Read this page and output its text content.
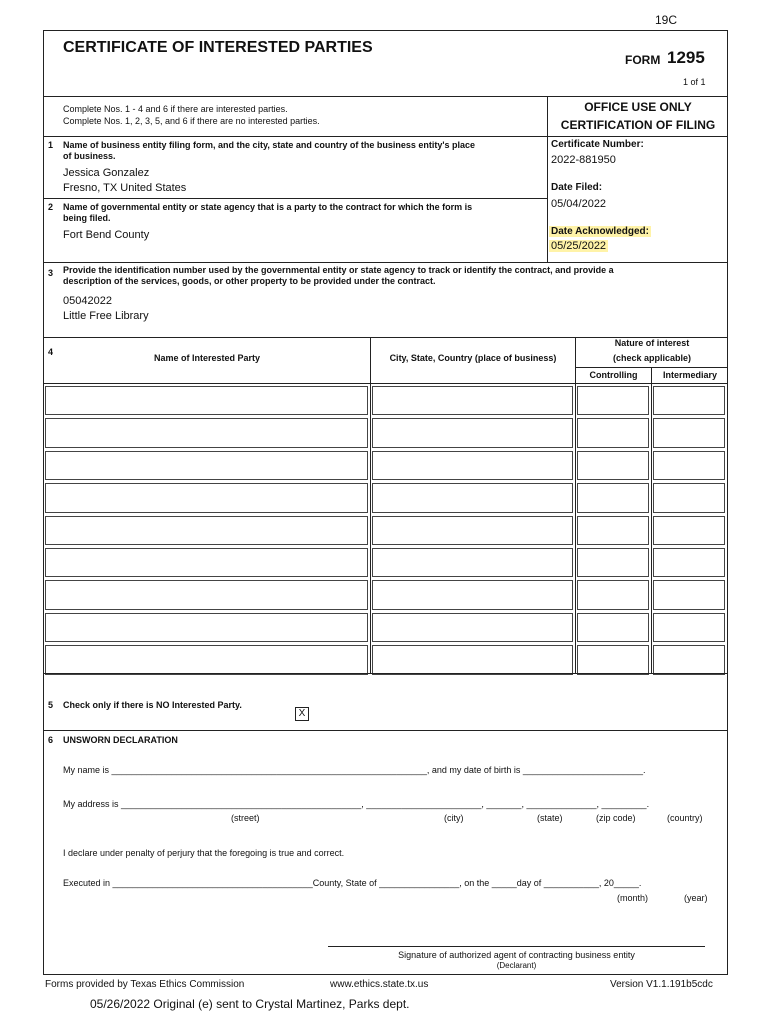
19C
CERTIFICATE OF INTERESTED PARTIES
FORM 1295
1 of 1
Complete Nos. 1 - 4 and 6 if there are interested parties.
Complete Nos. 1, 2, 3, 5, and 6 if there are no interested parties.
OFFICE USE ONLY
CERTIFICATION OF FILING
Certificate Number:
2022-881950
Date Filed:
05/04/2022
Date Acknowledged:
05/25/2022
1 Name of business entity filing form, and the city, state and country of the business entity's place
of business.
Jessica Gonzalez
Fresno, TX United States
2 Name of governmental entity or state agency that is a party to the contract for which the form is
being filed.
Fort Bend County
3 Provide the identification number used by the governmental entity or state agency to track or identify the contract, and provide a
description of the services, goods, or other property to be provided under the contract.
05042022
Little Free Library
4
Name of Interested Party	City, State, Country (place of business)
Nature of interest
(check applicable)
Controlling	Intermediary
5 Check only if there is NO Interested Party.
X
6 UNSWORN DECLARATION
My name is _______________________________________________________________, and my date of birth is ________________________.
My address is ________________________________________________, _______________________, _______, ______________, _________.
(street)	(city)	(state)	(zip code)	(country)
I declare under penalty of perjury that the foregoing is true and correct.
Executed in ________________________________________County, State of ________________, on the _____day of ___________, 20_____.
(month)	(year)
Signature of authorized agent of contracting business entity
(Declarant)
Forms provided by Texas Ethics Commission	www.ethics.state.tx.us	Version V1.1.191b5cdc
05/26/2022 Original (e) sent to Crystal Martinez, Parks dept.
